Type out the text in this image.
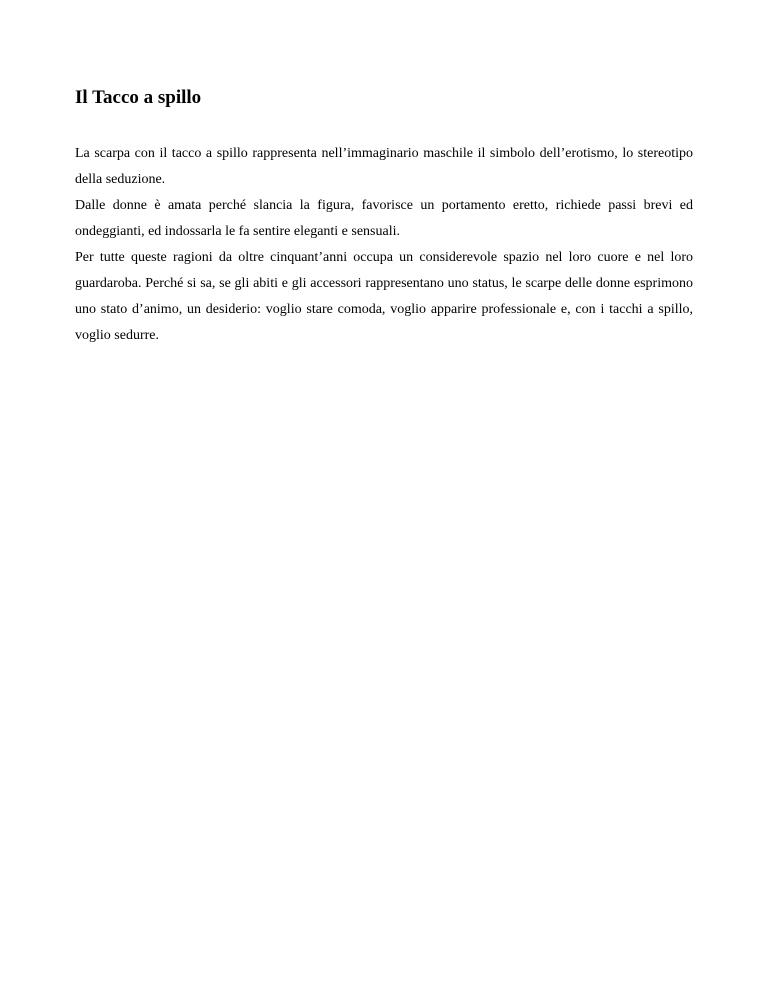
Il Tacco a spillo

La scarpa con il tacco a spillo rappresenta nell’immaginario maschile il simbolo dell’erotismo, lo stereotipo della seduzione.

Dalle donne è amata perché slancia la figura, favorisce un portamento eretto, richiede passi brevi ed ondeggianti, ed indossarla le fa sentire eleganti e sensuali.

Per tutte queste ragioni da oltre cinquant’anni occupa un considerevole spazio nel loro cuore e nel loro guardaroba. Perché si sa, se gli abiti e gli accessori rappresentano uno status, le scarpe delle donne esprimono uno stato d’animo, un desiderio: voglio stare comoda, voglio apparire professionale e, con i tacchi a spillo, voglio sedurre.
